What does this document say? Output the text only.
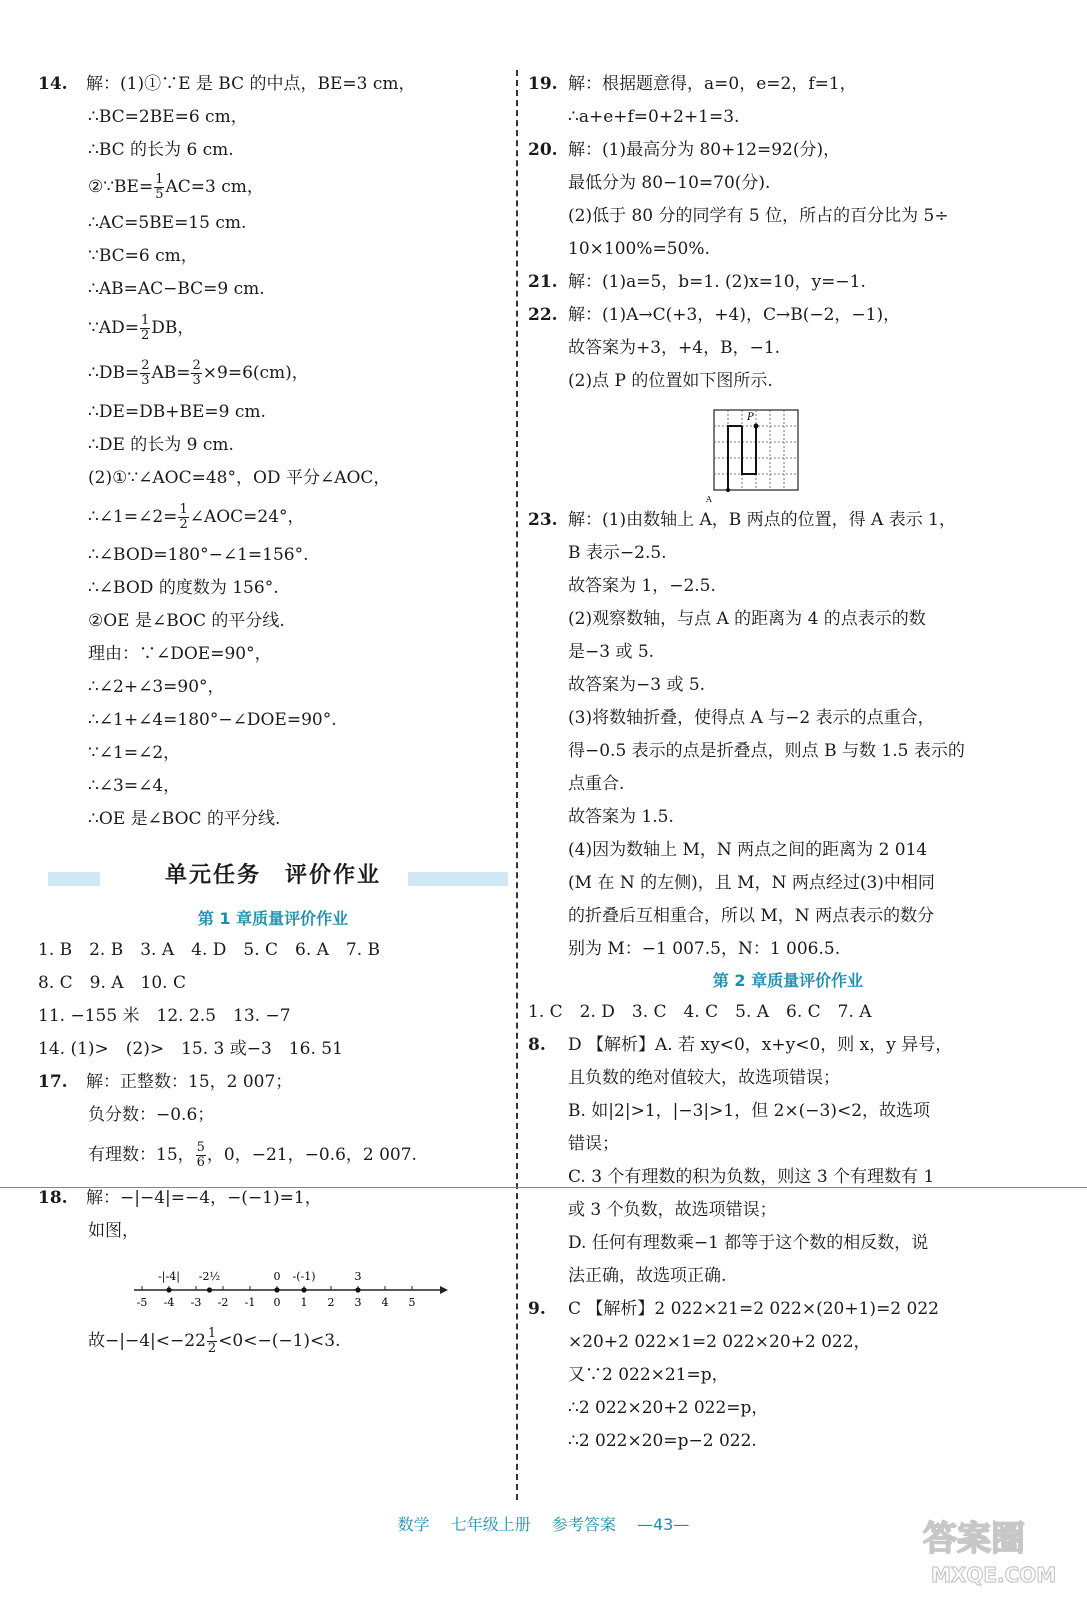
14. 解：(1)①∵E 是 BC 的中点，BE=3 cm，
∴BC=2BE=6 cm，
∴BC 的长为 6 cm.
②∵BE= $\frac{1}{5} AC=3$ cm，
∴AC=5BE=15 cm.
∵BC=6 cm，
∴AB=AC−BC=9 cm.
∵AD= $\frac{1}{2}$ DB，
∴DB= $\frac{2}{3} AB= \frac{2}{3} \times 9=6(cm)$，
∴DE=DB+BE=9 cm.
∴DE 的长为 9 cm.
(2)①∵∠AOC=48°，OD 平分∠AOC，
∴∠1=∠2= $\frac{1}{2}$ ∠AOC=24°，
∴∠BOD=180°−∠1=156°.
∴∠BOD 的度数为 156°.
②OE 是∠BOC 的平分线.
理由：∵∠DOE=90°，
∴∠2+∠3=90°，
∴∠1+∠4=180°−∠DOE=90°.
∵∠1=∠2，
∴∠3=∠4，
∴OE 是∠BOC 的平分线.
单元任务　评价作业
第 1 章质量评价作业
1. B　2. B　3. A　4. D　5. C　6. A　7. B
8. C　9. A　10. C
11. −155 米　12. 2.5　13. −7
14. (1)>　(2)>　15. 3 或−3　16. 51
17. 解：正整数：15，2 007；
负分数：−0.6；
有理数：15， $\frac{5}{6}$ ，0，−21，−0.6，2 007.
18. 解：−|−4|=−4，−(−1)=1，
如图，
-5 -4 -3 -2 -1 0 1 2 3 4 5
-|-4| -2½	0 -(-1)	3
故$-|-4|<-22 \frac{1}{2} <0<-(-1)<3$.
19. 解：根据题意得，a=0，e=2，f=1，
∴a+e+f=0+2+1=3.
20. 解：(1)最高分为 80+12=92(分)，
最低分为 80−10=70(分).
(2)低于 80 分的同学有 5 位，所占的百分比为 5÷
10×100%=50%.
21. 解：(1)a=5，b=1. (2)x=10，y=−1.
22. 解：(1)A→C(+3，+4)，C→B(−2，−1)，
故答案为+3，+4，B，−1.
(2)点 P 的位置如下图所示.
P
A
23. 解：(1)由数轴上 A，B 两点的位置，得 A 表示 1，
B 表示−2.5.
故答案为 1，−2.5.
(2)观察数轴，与点 A 的距离为 4 的点表示的数
是−3 或 5.
故答案为−3 或 5.
(3)将数轴折叠，使得点 A 与−2 表示的点重合，
得−0.5 表示的点是折叠点，则点 B 与数 1.5 表示的
点重合.
故答案为 1.5.
(4)因为数轴上 M，N 两点之间的距离为 2 014
(M 在 N 的左侧)，且 M，N 两点经过(3)中相同
的折叠后互相重合，所以 M，N 两点表示的数分
别为 M：−1 007.5，N：1 006.5.
第 2 章质量评价作业
1. C　2. D　3. C　4. C　5. A　6. C　7. A
8. D 【解析】A. 若 xy<0，x+y<0，则 x，y 异号，
且负数的绝对值较大，故选项错误；
B. 如|2|>1，|−3|>1，但 2×(−3)<2，故选项
错误；
C. 3 个有理数的积为负数，则这 3 个有理数有 1
或 3 个负数，故选项错误；
D. 任何有理数乘−1 都等于这个数的相反数，说
法正确，故选项正确.
9. C 【解析】2 022×21=2 022×(20+1)=2 022
×20+2 022×1=2 022×20+2 022，
又∵2 022×21=p，
∴2 022×20+2 022=p，
∴2 022×20=p−2 022.
数学 七年级上册 参考答案 —43—	答案圈
MXQE.COM
